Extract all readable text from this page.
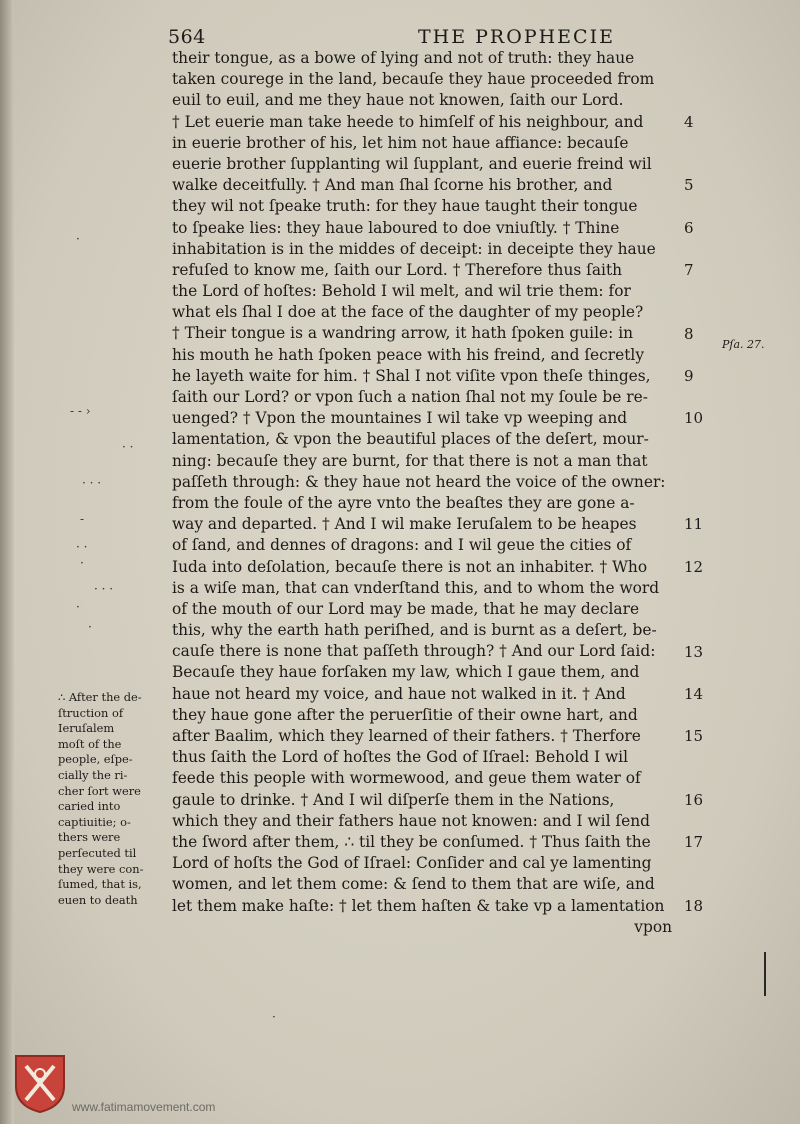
564	THE PROPHECIE
their tongue, as a bowe of lying and not of truth: they haue
taken courege in the land, becauſe they haue proceeded from
euil to euil, and me they haue not knowen, ſaith our Lord.
† Let euerie man take heede to himſelf of his neighbour, and
in euerie brother of his, let him not haue affiance: becauſe
euerie brother ſupplanting wil ſupplant, and euerie freind wil
walke deceitfully. † And man ſhal ſcorne his brother, and
they wil not ſpeake truth: for they haue taught their tongue
to ſpeake lies: they haue laboured to doe vniuſtly. † Thine
inhabitation is in the middes of deceipt: in deceipte they haue
refuſed to know me, ſaith our Lord. † Therefore thus ſaith
the Lord of hoſtes: Behold I wil melt, and wil trie them: for
what els ſhal I doe at the face of the daughter of my people?
† Their tongue is a wandring arrow, it hath ſpoken guile: in
his mouth he hath ſpoken peace with his freind, and ſecretly
he layeth waite for him. † Shal I not viſite vpon theſe thinges,
ſaith our Lord? or vpon ſuch a nation ſhal not my ſoule be re-
uenged? † Vpon the mountaines I wil take vp weeping and
lamentation, & vpon the beautiful places of the deſert, mour-
ning: becauſe they are burnt, for that there is not a man that
paſſeth through: & they haue not heard the voice of the owner:
from the foule of the ayre vnto the beaſtes they are gone a-
way and departed. † And I wil make Ieruſalem to be heapes
of ſand, and dennes of dragons: and I wil geue the cities of
Iuda into deſolation, becauſe there is not an inhabiter. † Who
is a wiſe man, that can vnderſtand this, and to whom the word
of the mouth of our Lord may be made, that he may declare
this, why the earth hath periſhed, and is burnt as a deſert, be-
cauſe there is none that paſſeth through? † And our Lord ſaid:
Becauſe they haue forſaken my law, which I gaue them, and
haue not heard my voice, and haue not walked in it. † And
they haue gone after the peruerſitie of their owne hart, and
after Baalim, which they learned of their fathers. † Therfore
thus ſaith the Lord of hoſtes the God of Iſrael: Behold I wil
feede this people with wormewood, and geue them water of
gaule to drinke. † And I wil diſperſe them in the Nations,
which they and their fathers haue not knowen: and I wil ſend
the ſword after them, ∴ til they be conſumed. † Thus ſaith the
Lord of hoſts the God of Iſrael: Conſider and cal ye lamenting
women, and let them come: & ſend to them that are wiſe, and
let them make haſte: † let them haſten & take vp a lamentation
vpon
4
5
6
7
8
9
10
11
12
13
14
15
16
17
18
Pſa. 27.
∴ After the de-
ſtruction of
Ieruſalem
moſt of the
people, eſpe-
cially the ri-
cher ſort were
caried into
captiuitie; o-
thers were
perſecuted til
they were con-
ſumed, that is,
euen to death
·
‐ ‐ ›
· ·
· · ·
-
· ·
·
· · ·
·
·
·
www.fatimamovement.com
